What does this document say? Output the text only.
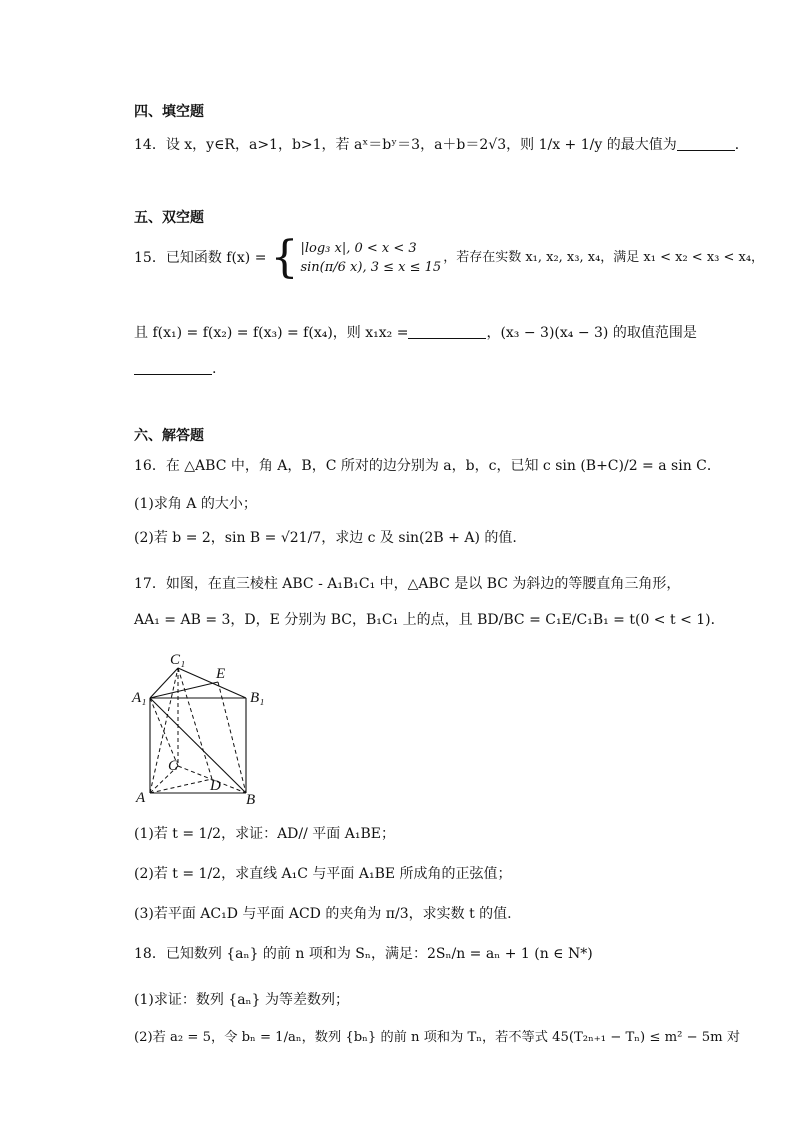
四、填空题
14．设 x，y∈R，a>1，b>1，若 aˣ＝bʸ＝3，a＋b＝2√3，则 1/x + 1/y 的最大值为	．
五、双空题
15．已知函数 f(x) = { |log₃ x|, 0 < x < 3
sin(π/6 x), 3 ≤ x ≤ 15
，若存在实数 x₁, x₂, x₃, x₄，满足 x₁ < x₂ < x₃ < x₄，
且 f(x₁) = f(x₂) = f(x₃) = f(x₄)，则 x₁x₂ =	，(x₃ − 3)(x₄ − 3) 的取值范围是
.
六、解答题
16．在 △ABC 中，角 A，B，C 所对的边分别为 a，b，c，已知 c sin (B+C)/2 = a sin C．
(1)求角 A 的大小；
(2)若 b = 2，sin B = √21/7，求边 c 及 sin(2B + A) 的值.
17．如图，在直三棱柱 ABC - A₁B₁C₁ 中，△ABC 是以 BC 为斜边的等腰直角三角形，
AA₁ = AB = 3，D，E 分别为 BC，B₁C₁ 上的点，且 BD/BC = C₁E/C₁B₁ = t(0 < t < 1)．
C₁
E
A₁	B₁
C
D
A	B
(1)若 t = 1/2，求证：AD// 平面 A₁BE；
(2)若 t = 1/2，求直线 A₁C 与平面 A₁BE 所成角的正弦值；
(3)若平面 AC₁D 与平面 ACD 的夹角为 π/3，求实数 t 的值.
18．已知数列 {aₙ} 的前 n 项和为 Sₙ，满足：2Sₙ/n = aₙ + 1 (n ∈ N*)
(1)求证：数列 {aₙ} 为等差数列；
(2)若 a₂ = 5，令 bₙ = 1/aₙ，数列 {bₙ} 的前 n 项和为 Tₙ，若不等式 45(T₂ₙ₊₁ − Tₙ) ≤ m² − 5m 对
